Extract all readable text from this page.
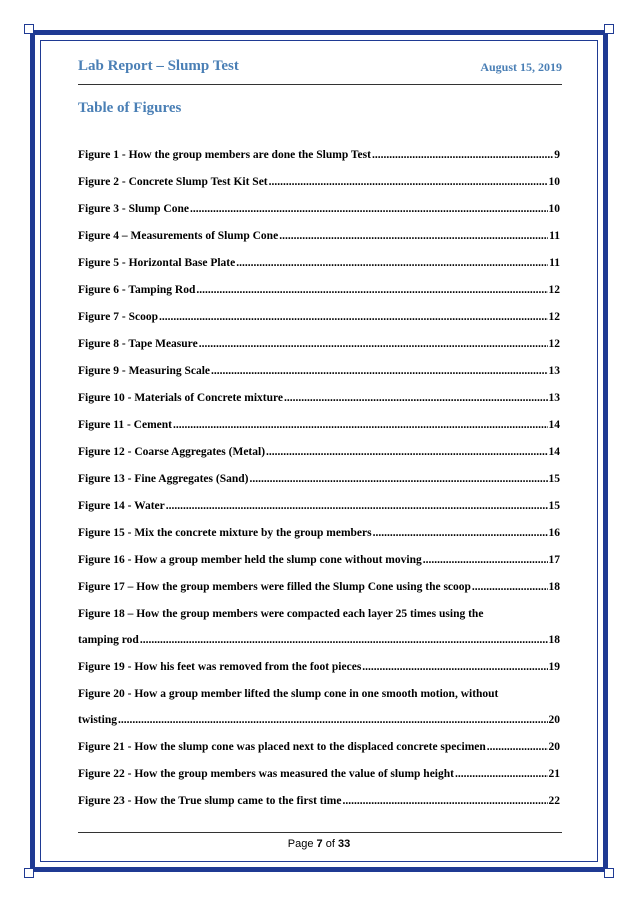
Lab Report – Slump Test	August 15, 2019
Table of Figures
Figure 1 - How the group members are done the Slump Test .....	9
Figure 2 - Concrete Slump Test Kit Set .....	10
Figure 3 - Slump Cone .....	10
Figure 4 – Measurements of Slump Cone .....	11
Figure 5 - Horizontal Base Plate .....	11
Figure 6 - Tamping Rod .....	12
Figure 7 - Scoop .....	12
Figure 8 - Tape Measure .....	12
Figure 9 - Measuring Scale .....	13
Figure 10 - Materials of Concrete mixture .....	13
Figure 11 - Cement .....	14
Figure 12 - Coarse Aggregates (Metal) .....	14
Figure 13 - Fine Aggregates (Sand) .....	15
Figure 14 - Water .....	15
Figure 15 - Mix the concrete mixture by the group members .....	16
Figure 16 - How a group member held the slump cone without moving .....	17
Figure 17 – How the group members were filled the Slump Cone using the scoop .....	18
Figure 18 – How the group members were compacted each layer 25 times using the
tamping rod .....	18
Figure 19 - How his feet was removed from the foot pieces .....	19
Figure 20 - How a group member lifted the slump cone in one smooth motion, without
twisting .....	20
Figure 21 - How the slump cone was placed next to the displaced concrete specimen .....	20
Figure 22 - How the group members was measured the value of slump height .....	21
Figure 23 - How the True slump came to the first time .....	22
Page 7 of 33
